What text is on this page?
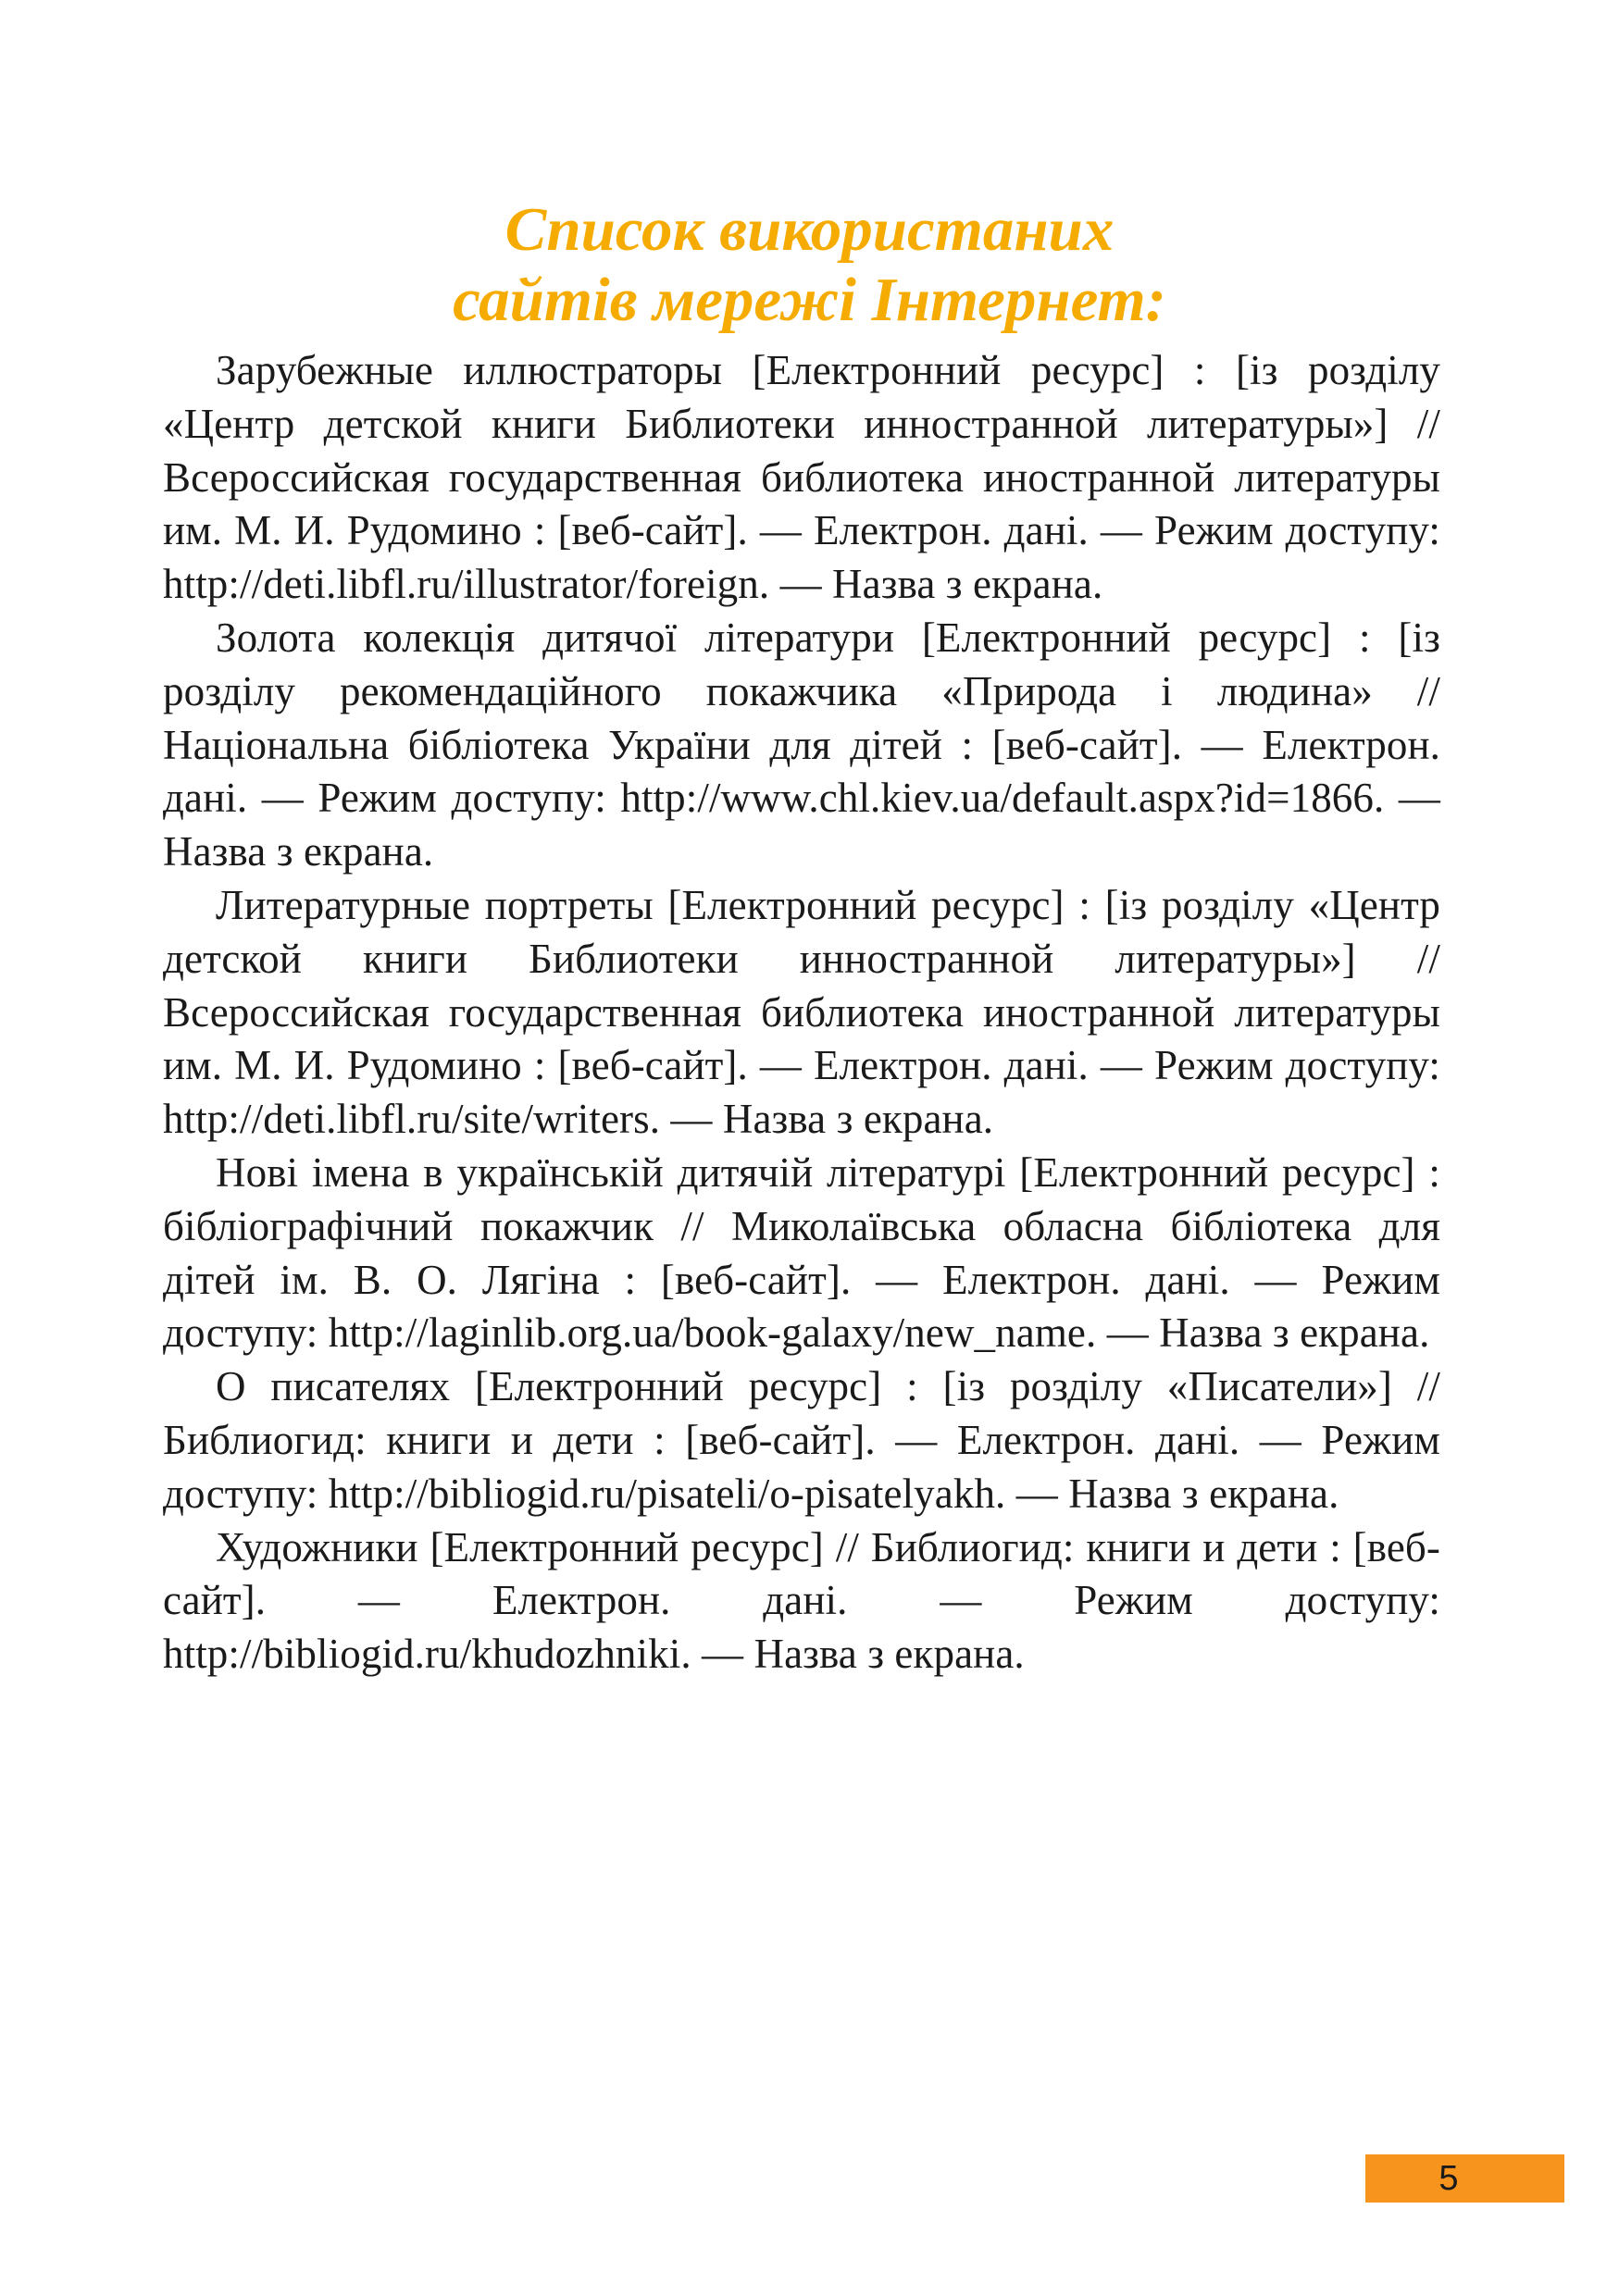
Список використаних
сайтів мережі Інтернет:

Зарубежные иллюстраторы [Електронний ресурс] : [із розділу «Центр детской книги Библиотеки инностранной литературы»] // Всероссийская государственная библиотека иностранной литературы им. М. И. Рудомино : [веб-сайт]. — Електрон. дані. — Режим доступу: http://deti.libfl.ru/illustrator/foreign. — Назва з екрана.

Золота колекція дитячої літератури [Електронний ресурс] : [із розділу рекомендаційного покажчика «Природа і людина» // Національна бібліотека України для дітей : [веб-сайт]. — Електрон. дані. — Режим доступу: http://www.chl.kiev.ua/default.aspx?id=1866. — Назва з екрана.

Литературные портреты [Електронний ресурс] : [із розділу «Центр детской книги Библиотеки инностранной литературы»] // Всероссийская государственная библиотека иностранной литературы им. М. И. Рудомино : [веб-сайт]. — Електрон. дані. — Режим доступу: http://deti.libfl.ru/site/writers. — Назва з екрана.

Нові імена в українській дитячій літературі [Електронний ресурс] : бібліографічний покажчик // Миколаївська обласна бібліотека для дітей ім. В. О. Лягіна : [веб-сайт]. — Електрон. дані. — Режим доступу: http://laginlib.org.ua/book-galaxy/new_name. — Назва з екрана.

О писателях [Електронний ресурс] : [із розділу «Писатели»] // Библиогид: книги и дети : [веб-сайт]. — Електрон. дані. — Режим доступу: http://bibliogid.ru/pisateli/o-pisatelyakh. — Назва з екрана.

Художники [Електронний ресурс] // Библиогид: книги и дети : [веб-сайт]. — Електрон. дані. — Режим доступу: http://bibliogid.ru/khudozhniki. — Назва з екрана.

5
